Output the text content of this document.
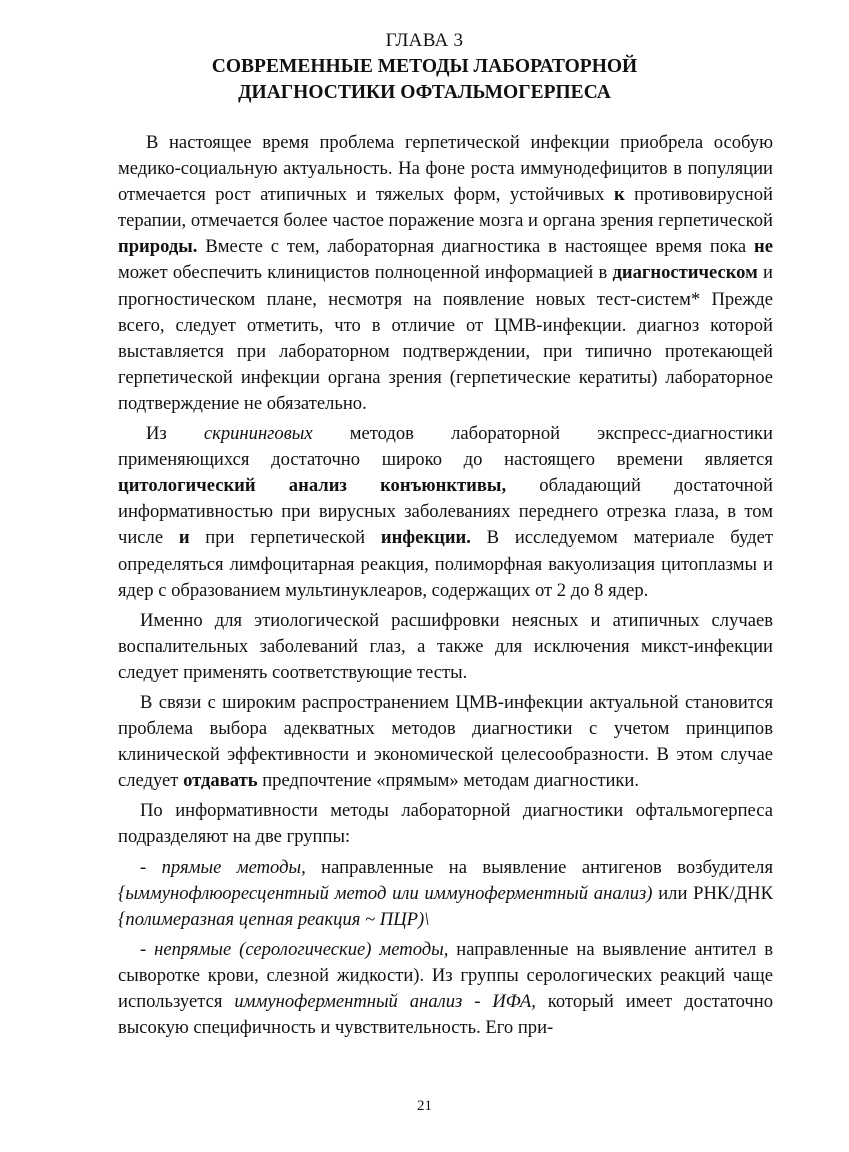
ГЛАВА 3
СОВРЕМЕННЫЕ МЕТОДЫ ЛАБОРАТОРНОЙ
ДИАГНОСТИКИ ОФТАЛЬМОГЕРПЕСА

В настоящее время проблема герпетической инфекции приобрела особую медико-социальную актуальность. На фоне роста иммунодефицитов в популяции отмечается рост атипичных и тяжелых форм, устойчивых к противовирусной терапии, отмечается более частое поражение мозга и органа зрения герпетической природы. Вместе с тем, лабораторная диагностика в настоящее время пока не может обеспечить клиницистов полноценной информацией в диагностическом и прогностическом плане, несмотря на появление новых тест-систем* Прежде всего, следует отметить, что в отличие от ЦМВ-инфекции. диагноз которой выставляется при лабораторном подтверждении, при типично протекающей герпетической инфекции органа зрения (герпетические кератиты) лабораторное подтверждение не обязательно.

Из скрининговых методов лабораторной экспресс-диагностики применяющихся достаточно широко до настоящего времени является цитологический анализ конъюнктивы, обладающий достаточной информативностью при вирусных заболеваниях переднего отрезка глаза, в том числе и при герпетической инфекции. В исследуемом материале будет определяться лимфоцитарная реакция, полиморфная вакуолизация цитоплазмы и ядер с образованием мультинуклеаров, содержащих от 2 до 8 ядер.

Именно для этиологической расшифровки неясных и атипичных случаев воспалительных заболеваний глаз, а также для исключения микст-инфекции следует применять соответствующие тесты.

В связи с широким распространением ЦМВ-инфекции актуальной становится проблема выбора адекватных методов диагностики с учетом принципов клинической эффективности и экономической целесообразности. В этом случае следует отдавать предпочтение «прямым» методам диагностики.

По информативности методы лабораторной диагностики офтальмогерпеса подразделяют на две группы:

- прямые методы, направленные на выявление антигенов возбудителя {ыммунофлюоресцентный метод или иммуноферментный анализ) или РНК/ДНК {полимеразная цепная реакция ~ ПЦР)\

- непрямые (серологические) методы, направленные на выявление антител в сыворотке крови, слезной жидкости). Из группы серологических реакций чаще используется иммуноферментный анализ - ИФА, который имеет достаточно высокую специфичность и чувствительность. Его при-

21
